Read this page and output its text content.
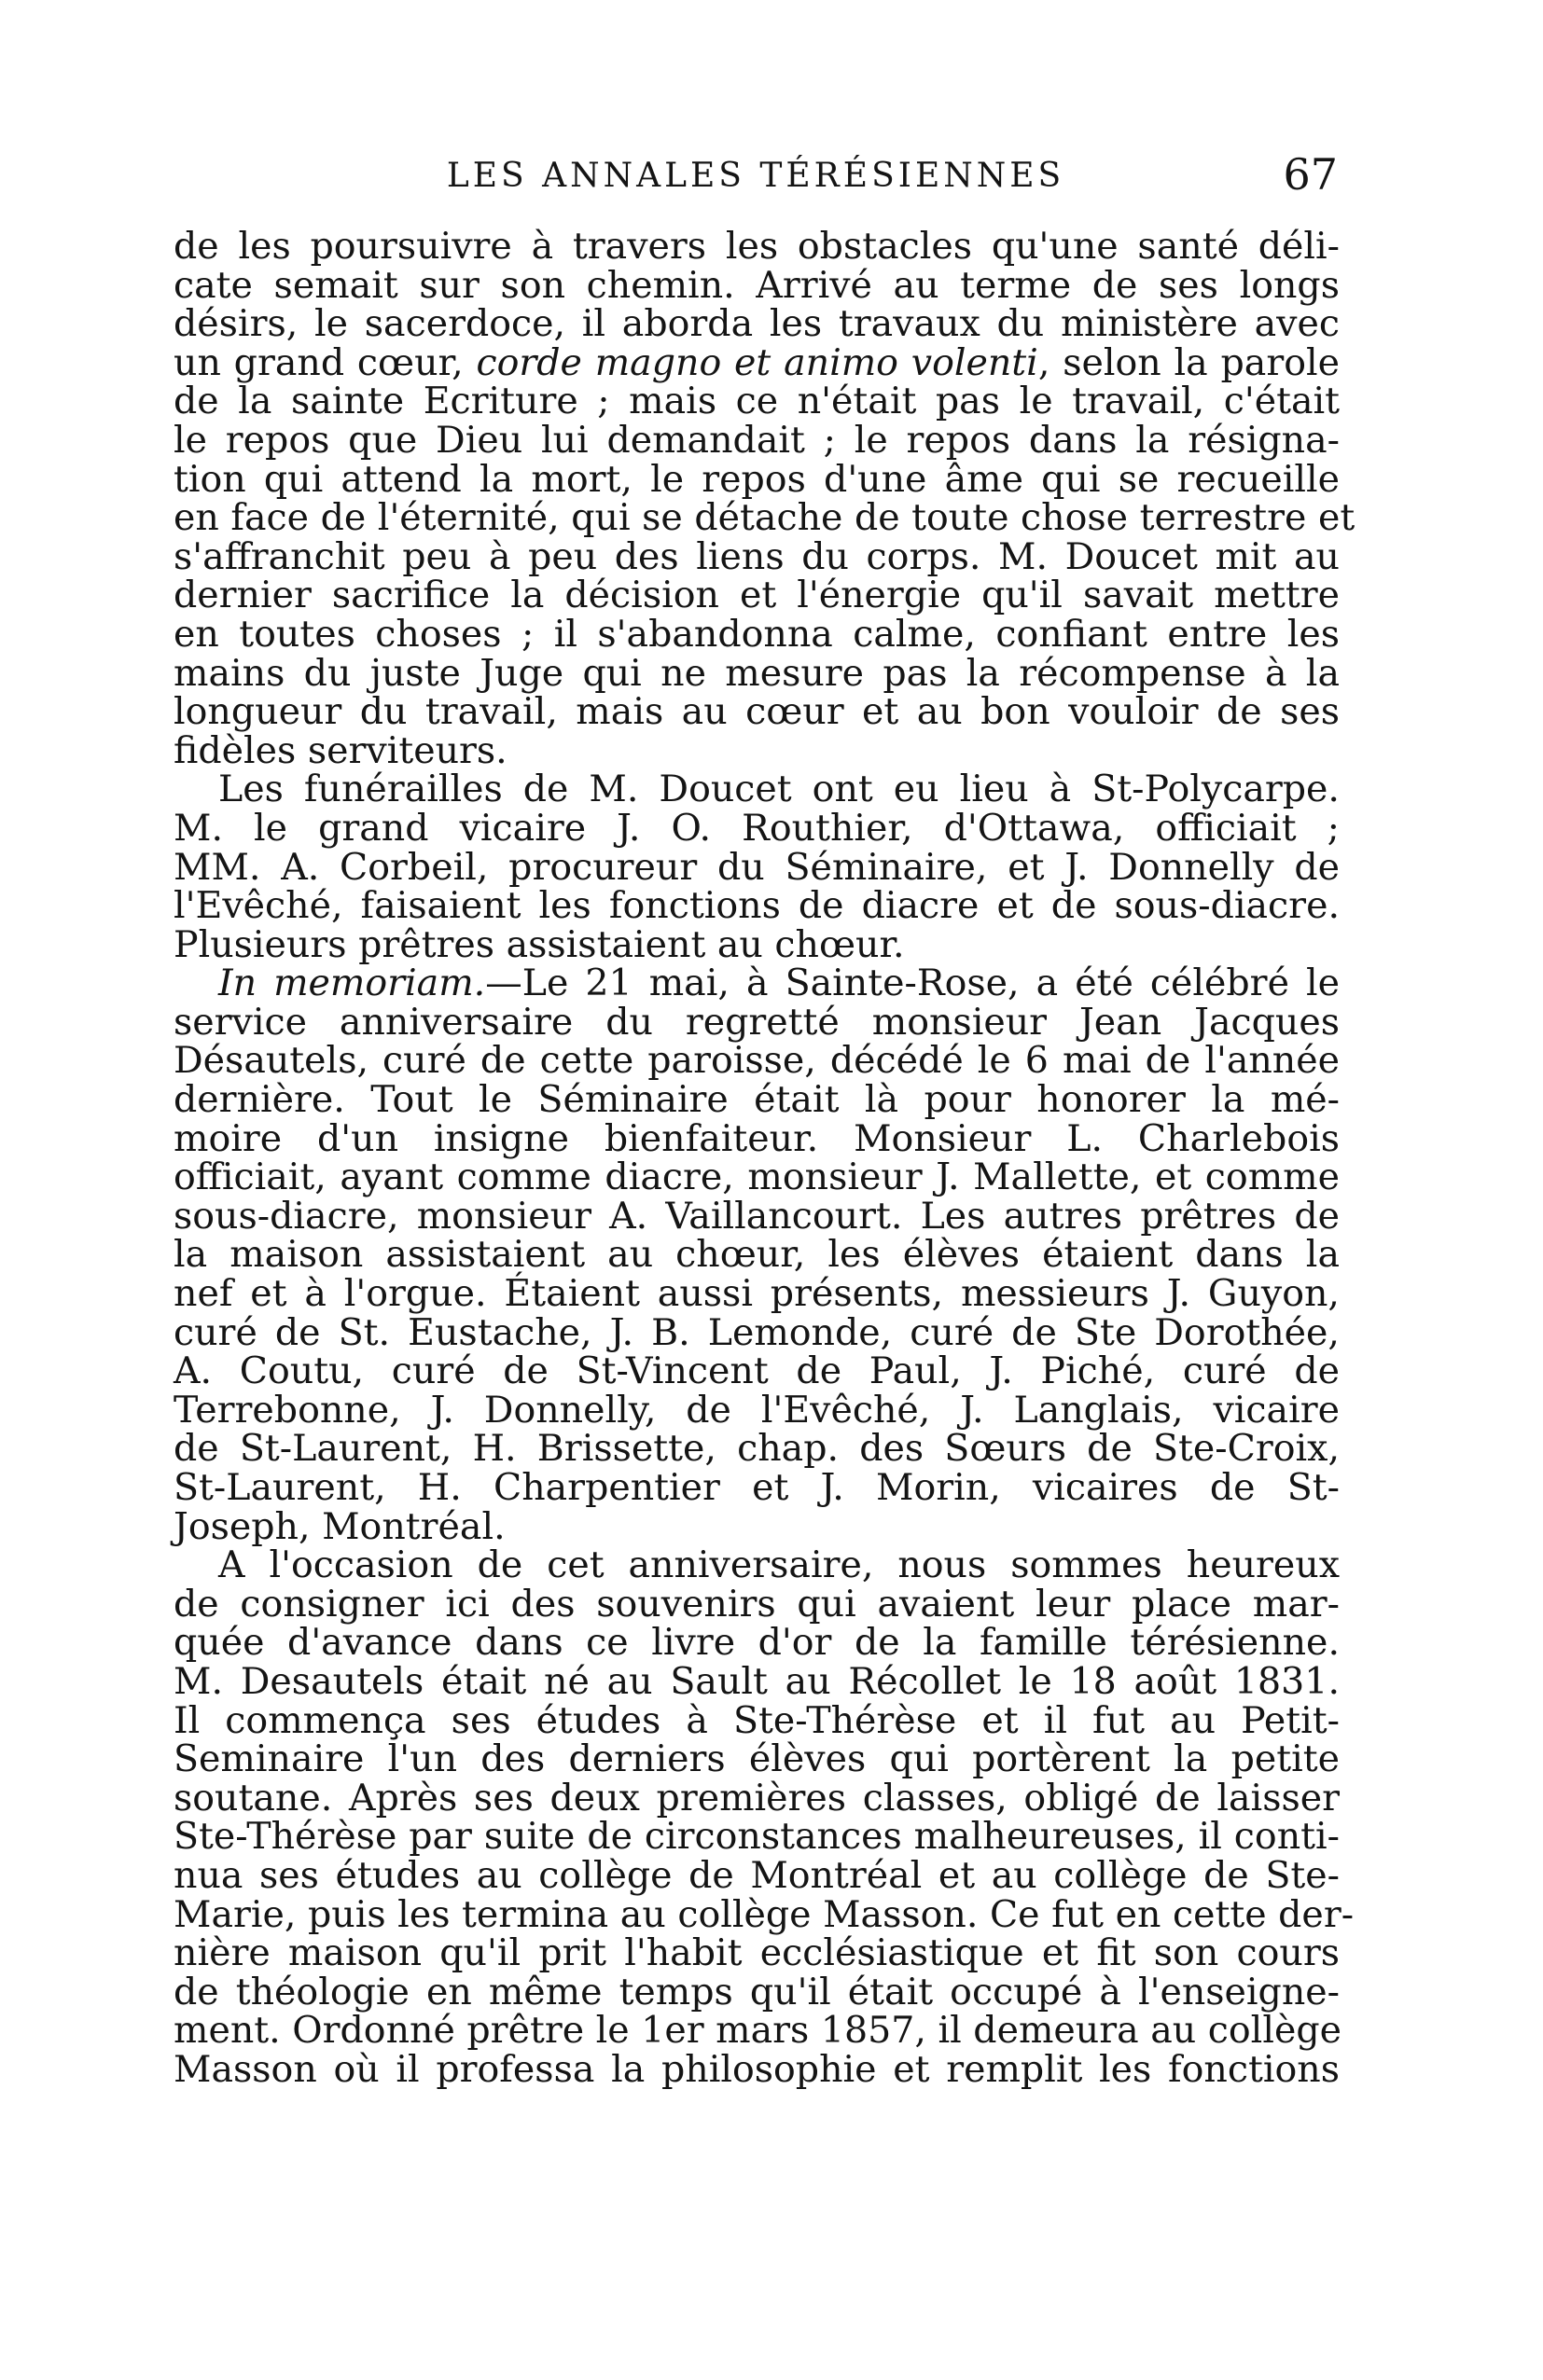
LES ANNALES TÉRÉSIENNES	67

de les poursuivre à travers les obstacles qu'une santé déli-
cate semait sur son chemin. Arrivé au terme de ses longs
désirs, le sacerdoce, il aborda les travaux du ministère avec
un grand cœur, corde magno et animo volenti, selon la parole
de la sainte Ecriture ; mais ce n'était pas le travail, c'était
le repos que Dieu lui demandait ; le repos dans la résigna-
tion qui attend la mort, le repos d'une âme qui se recueille
en face de l'éternité, qui se détache de toute chose terrestre et
s'affranchit peu à peu des liens du corps. M. Doucet mit au
dernier sacrifice la décision et l'énergie qu'il savait mettre
en toutes choses ; il s'abandonna calme, confiant entre les
mains du juste Juge qui ne mesure pas la récompense à la
longueur du travail, mais au cœur et au bon vouloir de ses
fidèles serviteurs.

Les funérailles de M. Doucet ont eu lieu à St-Polycarpe.
M. le grand vicaire J. O. Routhier, d'Ottawa, officiait ;
MM. A. Corbeil, procureur du Séminaire, et J. Donnelly de
l'Evêché, faisaient les fonctions de diacre et de sous-diacre.
Plusieurs prêtres assistaient au chœur.

In memoriam.—Le 21 mai, à Sainte-Rose, a été célébré le
service anniversaire du regretté monsieur Jean Jacques
Désautels, curé de cette paroisse, décédé le 6 mai de l'année
dernière. Tout le Séminaire était là pour honorer la mé-
moire d'un insigne bienfaiteur. Monsieur L. Charlebois
officiait, ayant comme diacre, monsieur J. Mallette, et comme
sous-diacre, monsieur A. Vaillancourt. Les autres prêtres de
la maison assistaient au chœur, les élèves étaient dans la
nef et à l'orgue. Étaient aussi présents, messieurs J. Guyon,
curé de St. Eustache, J. B. Lemonde, curé de Ste Dorothée,
A. Coutu, curé de St-Vincent de Paul, J. Piché, curé de
Terrebonne, J. Donnelly, de l'Evêché, J. Langlais, vicaire
de St-Laurent, H. Brissette, chap. des Sœurs de Ste-Croix,
St-Laurent, H. Charpentier et J. Morin, vicaires de St-
Joseph, Montréal.

A l'occasion de cet anniversaire, nous sommes heureux
de consigner ici des souvenirs qui avaient leur place mar-
quée d'avance dans ce livre d'or de la famille térésienne.
M. Desautels était né au Sault au Récollet le 18 août 1831.
Il commença ses études à Ste-Thérèse et il fut au Petit-
Seminaire l'un des derniers élèves qui portèrent la petite
soutane. Après ses deux premières classes, obligé de laisser
Ste-Thérèse par suite de circonstances malheureuses, il conti-
nua ses études au collège de Montréal et au collège de Ste-
Marie, puis les termina au collège Masson. Ce fut en cette der-
nière maison qu'il prit l'habit ecclésiastique et fit son cours
de théologie en même temps qu'il était occupé à l'enseigne-
ment. Ordonné prêtre le 1er mars 1857, il demeura au collège
Masson où il professa la philosophie et remplit les fonctions
